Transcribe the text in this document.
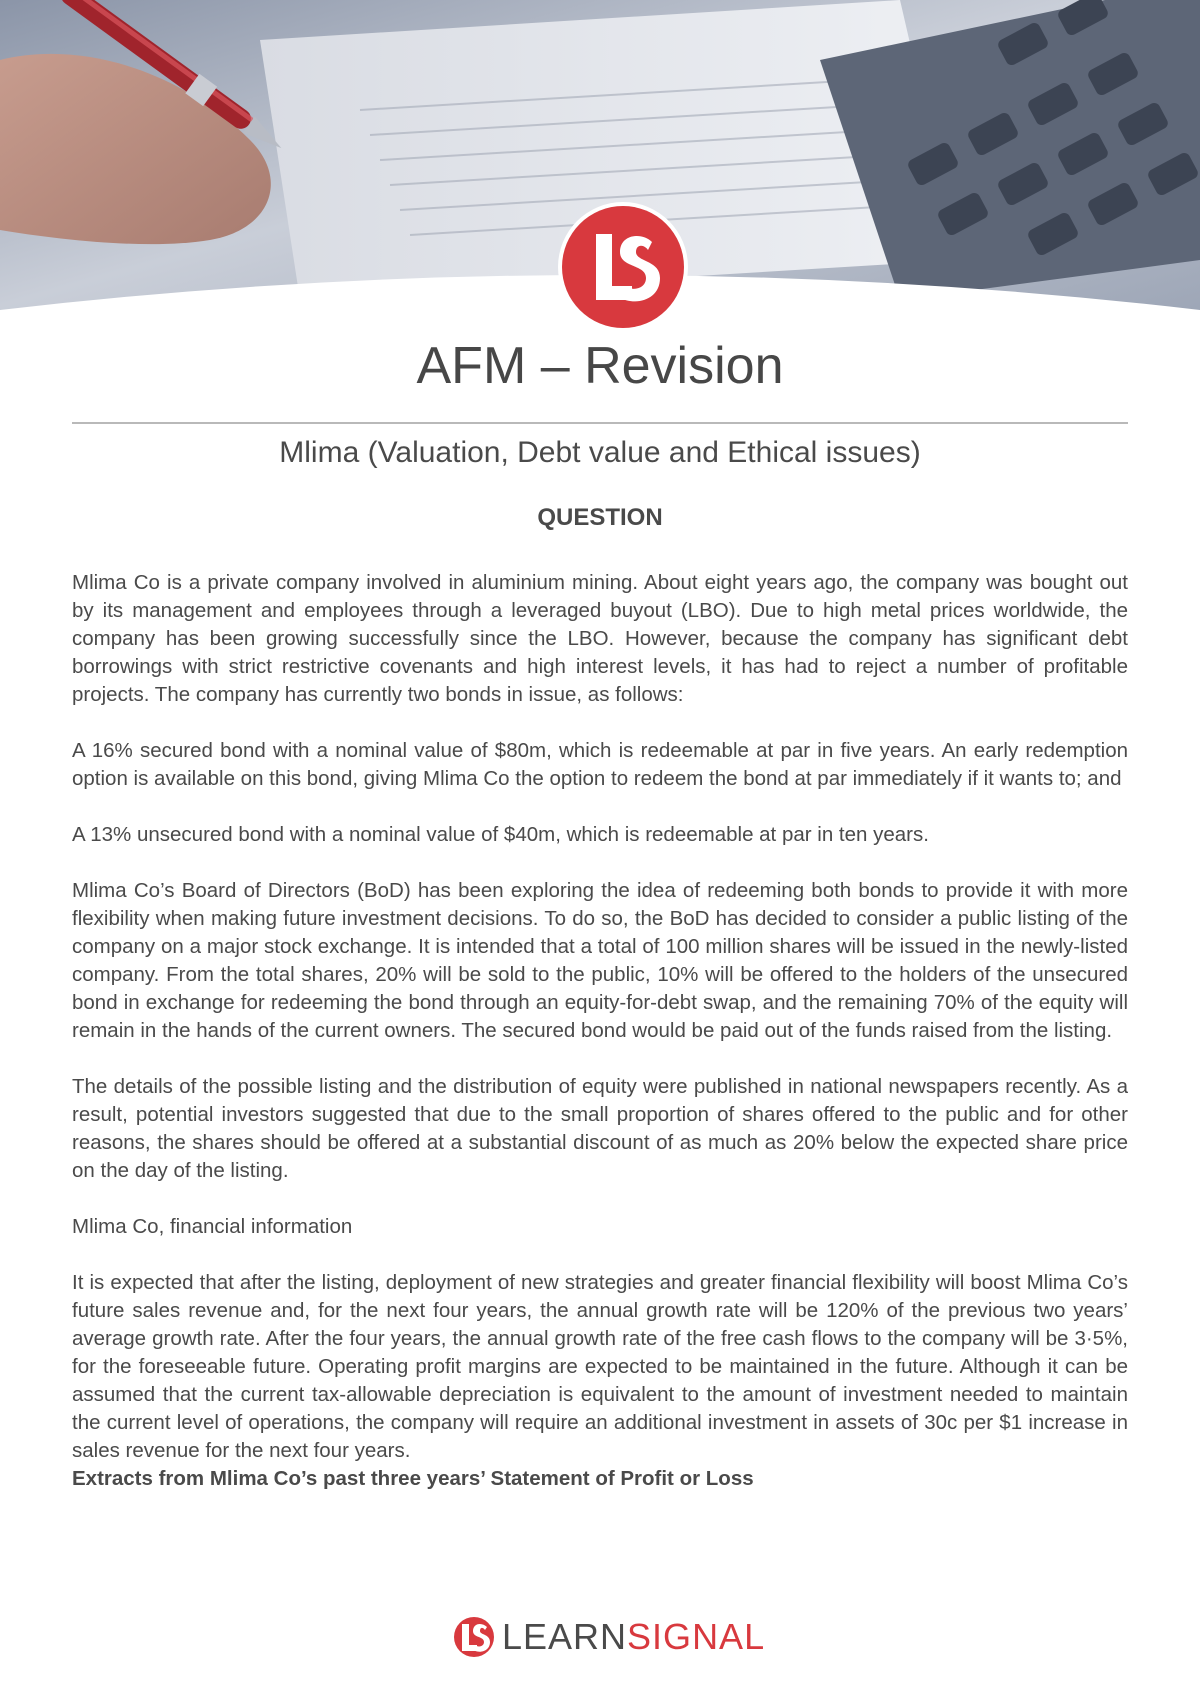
AFM – Revision
Mlima (Valuation, Debt value and Ethical issues)
QUESTION

Mlima Co is a private company involved in aluminium mining. About eight years ago, the company was bought out by its management and employees through a leveraged buyout (LBO). Due to high metal prices worldwide, the company has been growing successfully since the LBO. However, because the company has significant debt borrowings with strict restrictive covenants and high interest levels, it has had to reject a number of profitable projects. The company has currently two bonds in issue, as follows:

A 16% secured bond with a nominal value of $80m, which is redeemable at par in five years. An early redemption option is available on this bond, giving Mlima Co the option to redeem the bond at par immediately if it wants to; and

A 13% unsecured bond with a nominal value of $40m, which is redeemable at par in ten years.

Mlima Co’s Board of Directors (BoD) has been exploring the idea of redeeming both bonds to provide it with more flexibility when making future investment decisions. To do so, the BoD has decided to consider a public listing of the company on a major stock exchange. It is intended that a total of 100 million shares will be issued in the newly-listed company. From the total shares, 20% will be sold to the public, 10% will be offered to the holders of the unsecured bond in exchange for redeeming the bond through an equity-for-debt swap, and the remaining 70% of the equity will remain in the hands of the current owners. The secured bond would be paid out of the funds raised from the listing.

The details of the possible listing and the distribution of equity were published in national newspapers recently. As a result, potential investors suggested that due to the small proportion of shares offered to the public and for other reasons, the shares should be offered at a substantial discount of as much as 20% below the expected share price on the day of the listing.

Mlima Co, financial information

It is expected that after the listing, deployment of new strategies and greater financial flexibility will boost Mlima Co’s future sales revenue and, for the next four years, the annual growth rate will be 120% of the previous two years’ average growth rate. After the four years, the annual growth rate of the free cash flows to the company will be 3·5%, for the foreseeable future. Operating profit margins are expected to be maintained in the future. Although it can be assumed that the current tax-allowable depreciation is equivalent to the amount of investment needed to maintain the current level of operations, the company will require an additional investment in assets of 30c per $1 increase in sales revenue for the next four years.

Extracts from Mlima Co’s past three years’ Statement of Profit or Loss

LEARNSIGNAL
